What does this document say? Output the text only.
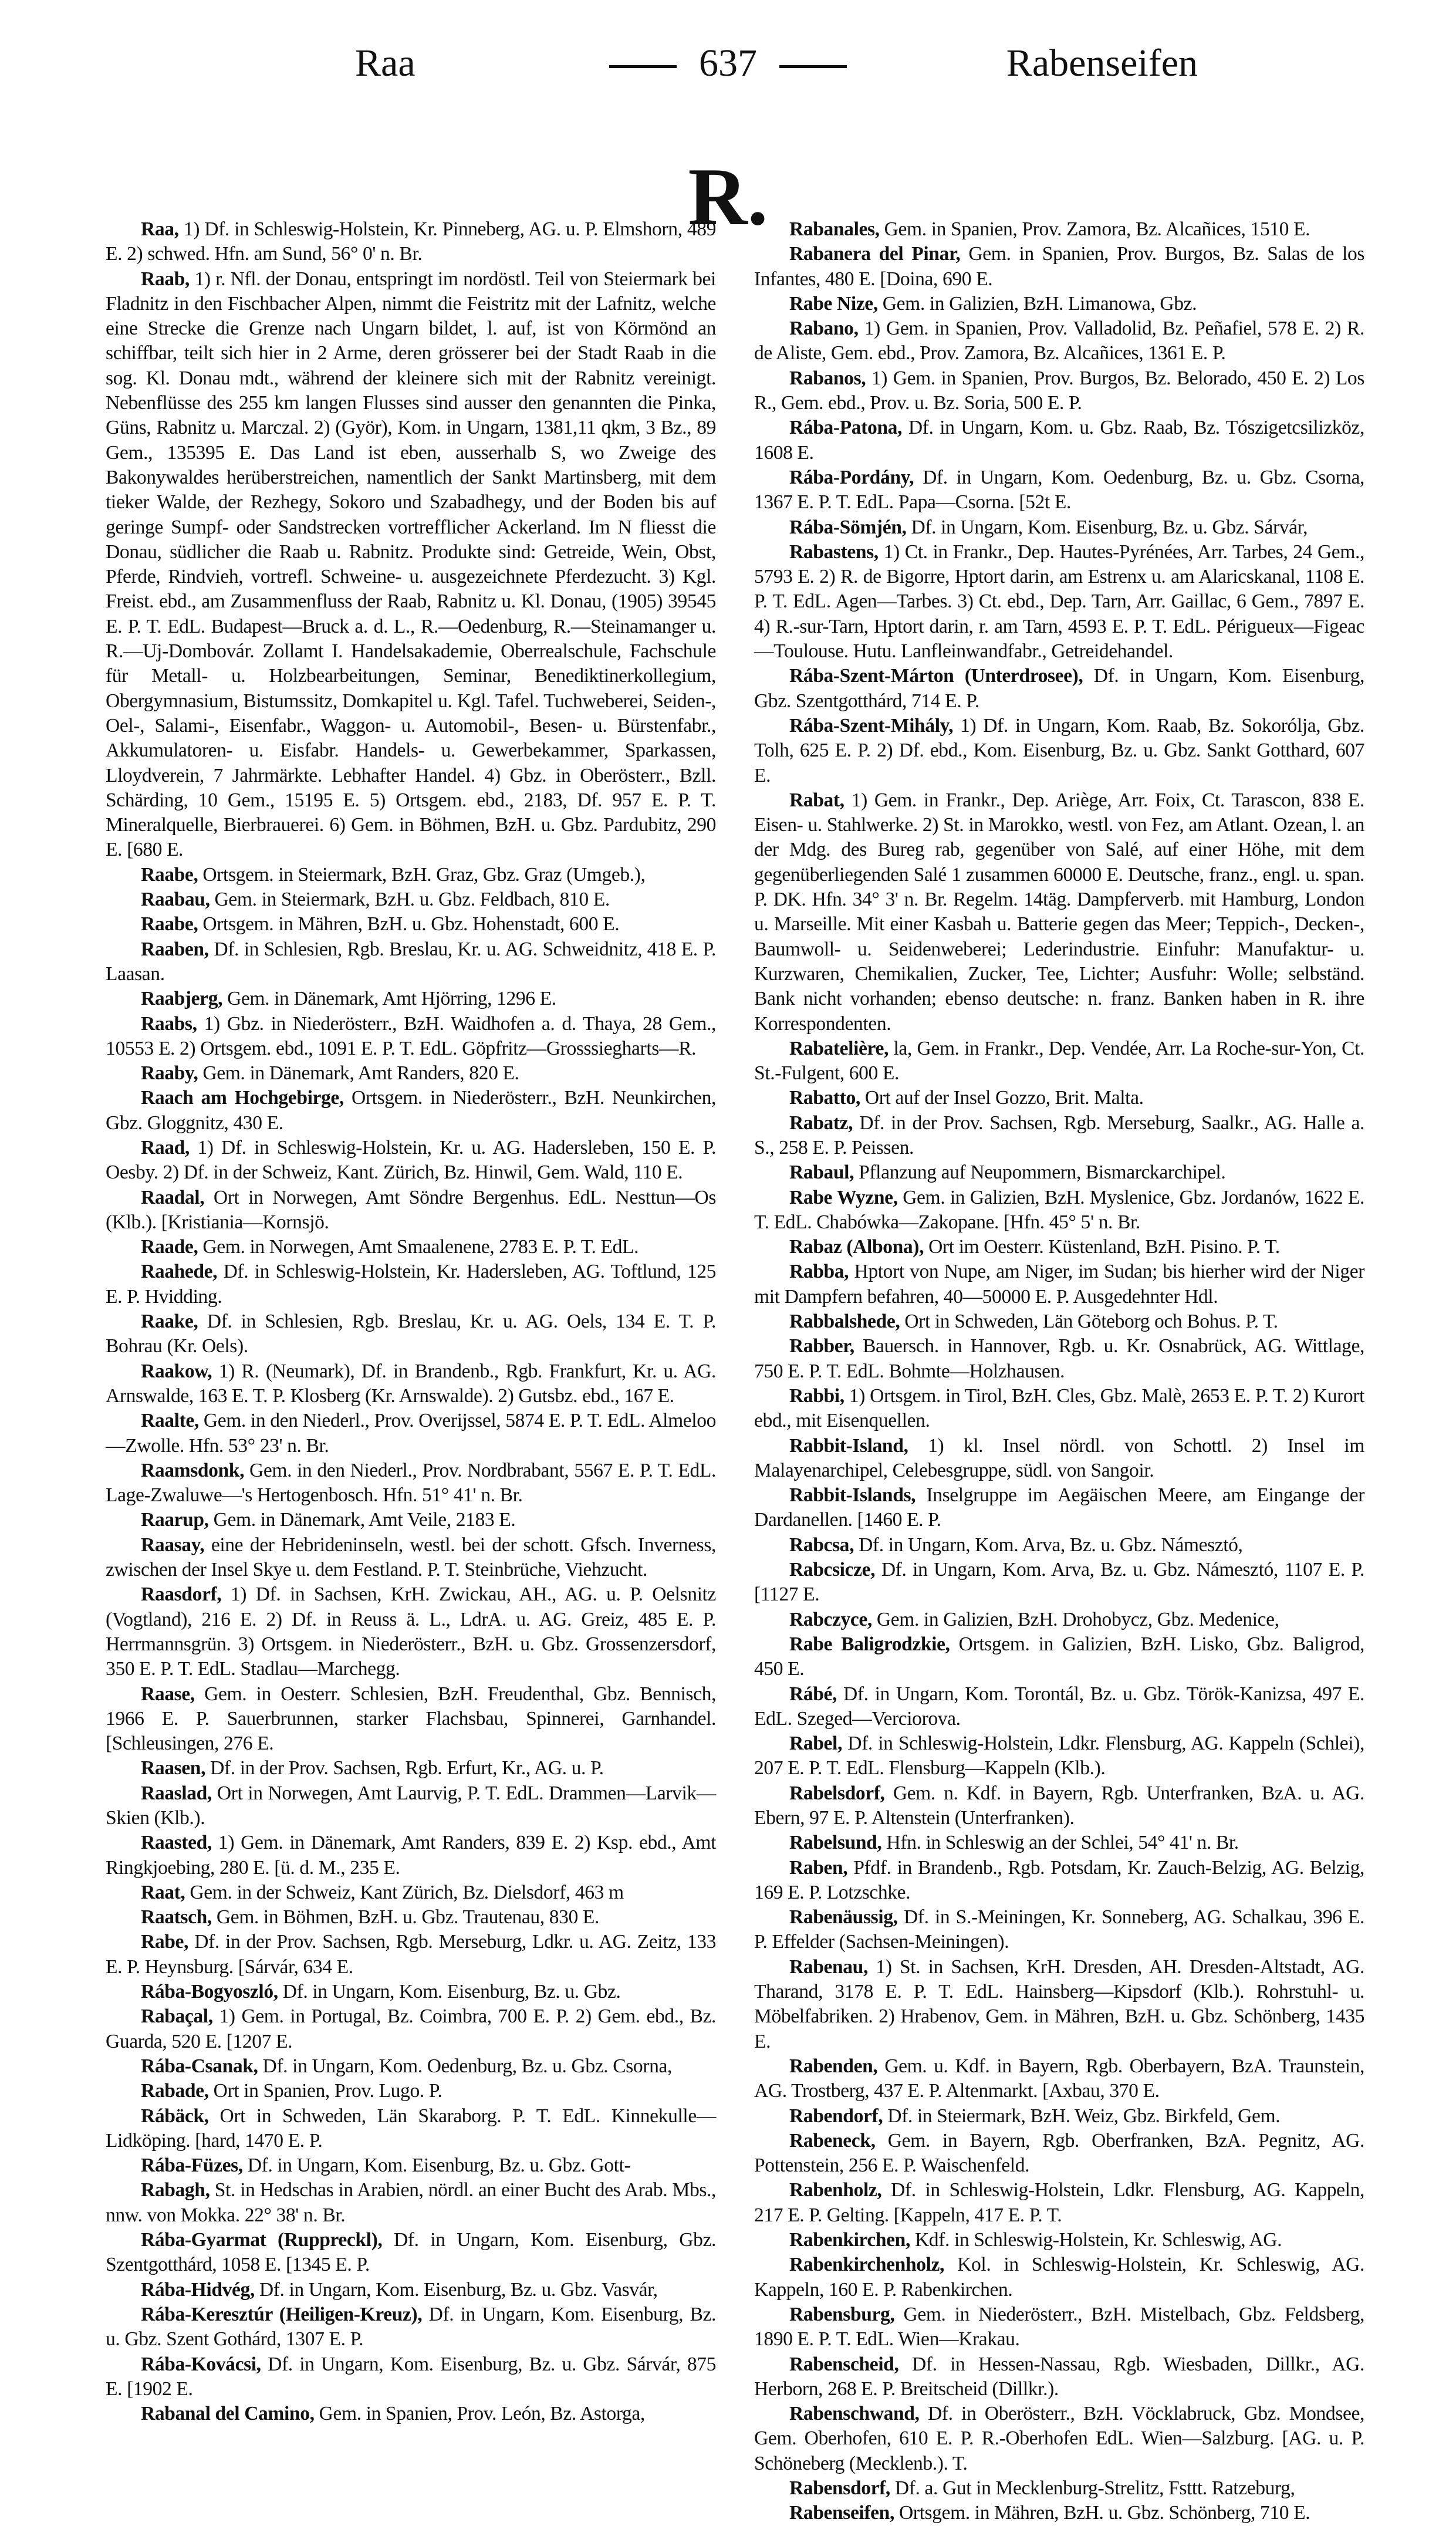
Raa	637	Rabenseifen
R.

Raa, 1) Df. in Schleswig-Holstein, Kr. Pinneberg, AG. u. P. Elmshorn, 489 E. 2) schwed. Hfn. am Sund, 56° 0' n. Br.

Raab, 1) r. Nfl. der Donau, entspringt im nordöstl. Teil von Steiermark bei Fladnitz in den Fischbacher Alpen, nimmt die Feistritz mit der Lafnitz, welche eine Strecke die Grenze nach Ungarn bildet, l. auf, ist von Körmönd an schiffbar, teilt sich hier in 2 Arme, deren grösserer bei der Stadt Raab in die sog. Kl. Donau mdt., während der kleinere sich mit der Rabnitz vereinigt. Nebenflüsse des 255 km langen Flusses sind ausser den genannten die Pinka, Güns, Rabnitz u. Marczal. 2) (Györ), Kom. in Ungarn, 1381,11 qkm, 3 Bz., 89 Gem., 135395 E. Das Land ist eben, ausserhalb S, wo Zweige des Bakonywaldes herüberstreichen, namentlich der Sankt Martinsberg, mit dem tieker Walde, der Rezhegy, Sokoro und Szabadhegy, und der Boden bis auf geringe Sumpf- oder Sandstrecken vortrefflicher Ackerland. Im N fliesst die Donau, südlicher die Raab u. Rabnitz. Produkte sind: Getreide, Wein, Obst, Pferde, Rindvieh, vortrefl. Schweine- u. ausgezeichnete Pferdezucht. 3) Kgl. Freist. ebd., am Zusammenfluss der Raab, Rabnitz u. Kl. Donau, (1905) 39545 E. P. T. EdL. Budapest—Bruck a. d. L., R.—Oedenburg, R.—Steinamanger u. R.—Uj-Dombovár. Zollamt I. Handelsakademie, Oberrealschule, Fachschule für Metall- u. Holzbearbeitungen, Seminar, Benediktinerkollegium, Obergymnasium, Bistumssitz, Domkapitel u. Kgl. Tafel. Tuchweberei, Seiden-, Oel-, Salami-, Eisenfabr., Waggon- u. Automobil-, Besen- u. Bürstenfabr., Akkumulatoren- u. Eisfabr. Handels- u. Gewerbekammer, Sparkassen, Lloydverein, 7 Jahrmärkte. Lebhafter Handel. 4) Gbz. in Oberösterr., Bzll. Schärding, 10 Gem., 15195 E. 5) Ortsgem. ebd., 2183, Df. 957 E. P. T. Mineralquelle, Bierbrauerei. 6) Gem. in Böhmen, BzH. u. Gbz. Pardubitz, 290 E. [680 E.

Raabe, Ortsgem. in Steiermark, BzH. Graz, Gbz. Graz (Umgeb.),

Raabau, Gem. in Steiermark, BzH. u. Gbz. Feldbach, 810 E.

Raabe, Ortsgem. in Mähren, BzH. u. Gbz. Hohenstadt, 600 E.

Raaben, Df. in Schlesien, Rgb. Breslau, Kr. u. AG. Schweidnitz, 418 E. P. Laasan.

Raabjerg, Gem. in Dänemark, Amt Hjörring, 1296 E.

Raabs, 1) Gbz. in Niederösterr., BzH. Waidhofen a. d. Thaya, 28 Gem., 10553 E. 2) Ortsgem. ebd., 1091 E. P. T. EdL. Göpfritz—Grosssiegharts—R.

Raaby, Gem. in Dänemark, Amt Randers, 820 E.

Raach am Hochgebirge, Ortsgem. in Niederösterr., BzH. Neunkirchen, Gbz. Gloggnitz, 430 E.

Raad, 1) Df. in Schleswig-Holstein, Kr. u. AG. Hadersleben, 150 E. P. Oesby. 2) Df. in der Schweiz, Kant. Zürich, Bz. Hinwil, Gem. Wald, 110 E.

Raadal, Ort in Norwegen, Amt Söndre Bergenhus. EdL. Nesttun—Os (Klb.). [Kristiania—Kornsjö.

Raade, Gem. in Norwegen, Amt Smaalenene, 2783 E. P. T. EdL.

Raahede, Df. in Schleswig-Holstein, Kr. Hadersleben, AG. Toftlund, 125 E. P. Hvidding.

Raake, Df. in Schlesien, Rgb. Breslau, Kr. u. AG. Oels, 134 E. T. P. Bohrau (Kr. Oels).

Raakow, 1) R. (Neumark), Df. in Brandenb., Rgb. Frankfurt, Kr. u. AG. Arnswalde, 163 E. T. P. Klosberg (Kr. Arnswalde). 2) Gutsbz. ebd., 167 E.

Raalte, Gem. in den Niederl., Prov. Overijssel, 5874 E. P. T. EdL. Almeloo—Zwolle. Hfn. 53° 23' n. Br.

Raamsdonk, Gem. in den Niederl., Prov. Nordbrabant, 5567 E. P. T. EdL. Lage-Zwaluwe—'s Hertogenbosch. Hfn. 51° 41' n. Br.

Raarup, Gem. in Dänemark, Amt Veile, 2183 E.

Raasay, eine der Hebrideninseln, westl. bei der schott. Gfsch. Inverness, zwischen der Insel Skye u. dem Festland. P. T. Steinbrüche, Viehzucht.

Raasdorf, 1) Df. in Sachsen, KrH. Zwickau, AH., AG. u. P. Oelsnitz (Vogtland), 216 E. 2) Df. in Reuss ä. L., LdrA. u. AG. Greiz, 485 E. P. Herrmannsgrün. 3) Ortsgem. in Niederösterr., BzH. u. Gbz. Grossenzersdorf, 350 E. P. T. EdL. Stadlau—Marchegg.

Raase, Gem. in Oesterr. Schlesien, BzH. Freudenthal, Gbz. Bennisch, 1966 E. P. Sauerbrunnen, starker Flachsbau, Spinnerei, Garnhandel. [Schleusingen, 276 E.

Raasen, Df. in der Prov. Sachsen, Rgb. Erfurt, Kr., AG. u. P.

Raaslad, Ort in Norwegen, Amt Laurvig, P. T. EdL. Drammen—Larvik—Skien (Klb.).

Raasted, 1) Gem. in Dänemark, Amt Randers, 839 E. 2) Ksp. ebd., Amt Ringkjoebing, 280 E. [ü. d. M., 235 E.

Raat, Gem. in der Schweiz, Kant Zürich, Bz. Dielsdorf, 463 m

Raatsch, Gem. in Böhmen, BzH. u. Gbz. Trautenau, 830 E.

Rabe, Df. in der Prov. Sachsen, Rgb. Merseburg, Ldkr. u. AG. Zeitz, 133 E. P. Heynsburg. [Sárvár, 634 E.

Rába-Bogyoszló, Df. in Ungarn, Kom. Eisenburg, Bz. u. Gbz.

Rabaçal, 1) Gem. in Portugal, Bz. Coimbra, 700 E. P. 2) Gem. ebd., Bz. Guarda, 520 E. [1207 E.

Rába-Csanak, Df. in Ungarn, Kom. Oedenburg, Bz. u. Gbz. Csorna,

Rabade, Ort in Spanien, Prov. Lugo. P.

Rábäck, Ort in Schweden, Län Skaraborg. P. T. EdL. Kinnekulle—Lidköping. [hard, 1470 E. P.

Rába-Füzes, Df. in Ungarn, Kom. Eisenburg, Bz. u. Gbz. Gott-

Rabagh, St. in Hedschas in Arabien, nördl. an einer Bucht des Arab. Mbs., nnw. von Mokka. 22° 38' n. Br.

Rába-Gyarmat (Ruppreckl), Df. in Ungarn, Kom. Eisenburg, Gbz. Szentgotthárd, 1058 E. [1345 E. P.

Rába-Hidvég, Df. in Ungarn, Kom. Eisenburg, Bz. u. Gbz. Vasvár,

Rába-Keresztúr (Heiligen-Kreuz), Df. in Ungarn, Kom. Eisenburg, Bz. u. Gbz. Szent Gothárd, 1307 E. P.

Rába-Kovácsi, Df. in Ungarn, Kom. Eisenburg, Bz. u. Gbz. Sárvár, 875 E. [1902 E.

Rabanal del Camino, Gem. in Spanien, Prov. León, Bz. Astorga,

Rabanales, Gem. in Spanien, Prov. Zamora, Bz. Alcañices, 1510 E.

Rabanera del Pinar, Gem. in Spanien, Prov. Burgos, Bz. Salas de los Infantes, 480 E. [Doina, 690 E.

Rabe Nize, Gem. in Galizien, BzH. Limanowa, Gbz.

Rabano, 1) Gem. in Spanien, Prov. Valladolid, Bz. Peñafiel, 578 E. 2) R. de Aliste, Gem. ebd., Prov. Zamora, Bz. Alcañices, 1361 E. P.

Rabanos, 1) Gem. in Spanien, Prov. Burgos, Bz. Belorado, 450 E. 2) Los R., Gem. ebd., Prov. u. Bz. Soria, 500 E. P.

Rába-Patona, Df. in Ungarn, Kom. u. Gbz. Raab, Bz. Tószigetcsilizköz, 1608 E.

Rába-Pordány, Df. in Ungarn, Kom. Oedenburg, Bz. u. Gbz. Csorna, 1367 E. P. T. EdL. Papa—Csorna. [52t E.

Rába-Sömjén, Df. in Ungarn, Kom. Eisenburg, Bz. u. Gbz. Sárvár,

Rabastens, 1) Ct. in Frankr., Dep. Hautes-Pyrénées, Arr. Tarbes, 24 Gem., 5793 E. 2) R. de Bigorre, Hptort darin, am Estrenx u. am Alaricskanal, 1108 E. P. T. EdL. Agen—Tarbes. 3) Ct. ebd., Dep. Tarn, Arr. Gaillac, 6 Gem., 7897 E. 4) R.-sur-Tarn, Hptort darin, r. am Tarn, 4593 E. P. T. EdL. Périgueux—Figeac—Toulouse. Hutu. Lanfleinwandfabr., Getreidehandel.

Rába-Szent-Márton (Unterdrosee), Df. in Ungarn, Kom. Eisenburg, Gbz. Szentgotthárd, 714 E. P.

Rába-Szent-Mihály, 1) Df. in Ungarn, Kom. Raab, Bz. Sokorólja, Gbz. Tolh, 625 E. P. 2) Df. ebd., Kom. Eisenburg, Bz. u. Gbz. Sankt Gotthard, 607 E.

Rabat, 1) Gem. in Frankr., Dep. Ariège, Arr. Foix, Ct. Tarascon, 838 E. Eisen- u. Stahlwerke. 2) St. in Marokko, westl. von Fez, am Atlant. Ozean, l. an der Mdg. des Bureg rab, gegenüber von Salé, auf einer Höhe, mit dem gegenüberliegenden Salé 1 zusammen 60000 E. Deutsche, franz., engl. u. span. P. DK. Hfn. 34° 3' n. Br. Regelm. 14täg. Dampferverb. mit Hamburg, London u. Marseille. Mit einer Kasbah u. Batterie gegen das Meer; Teppich-, Decken-, Baumwoll- u. Seidenweberei; Lederindustrie. Einfuhr: Manufaktur- u. Kurzwaren, Chemikalien, Zucker, Tee, Lichter; Ausfuhr: Wolle; selbständ. Bank nicht vorhanden; ebenso deutsche: n. franz. Banken haben in R. ihre Korrespondenten.

Rabatelière, la, Gem. in Frankr., Dep. Vendée, Arr. La Roche-sur-Yon, Ct. St.-Fulgent, 600 E.

Rabatto, Ort auf der Insel Gozzo, Brit. Malta.

Rabatz, Df. in der Prov. Sachsen, Rgb. Merseburg, Saalkr., AG. Halle a. S., 258 E. P. Peissen.

Rabaul, Pflanzung auf Neupommern, Bismarckarchipel.

Rabe Wyzne, Gem. in Galizien, BzH. Myslenice, Gbz. Jordanów, 1622 E. T. EdL. Chabówka—Zakopane. [Hfn. 45° 5' n. Br.

Rabaz (Albona), Ort im Oesterr. Küstenland, BzH. Pisino. P. T.

Rabba, Hptort von Nupe, am Niger, im Sudan; bis hierher wird der Niger mit Dampfern befahren, 40—50000 E. P. Ausgedehnter Hdl.

Rabbalshede, Ort in Schweden, Län Göteborg och Bohus. P. T.

Rabber, Bauersch. in Hannover, Rgb. u. Kr. Osnabrück, AG. Wittlage, 750 E. P. T. EdL. Bohmte—Holzhausen.

Rabbi, 1) Ortsgem. in Tirol, BzH. Cles, Gbz. Malè, 2653 E. P. T. 2) Kurort ebd., mit Eisenquellen.

Rabbit-Island, 1) kl. Insel nördl. von Schottl. 2) Insel im Malayenarchipel, Celebesgruppe, südl. von Sangoir.

Rabbit-Islands, Inselgruppe im Aegäischen Meere, am Eingange der Dardanellen. [1460 E. P.

Rabcsa, Df. in Ungarn, Kom. Arva, Bz. u. Gbz. Námesztó,

Rabcsicze, Df. in Ungarn, Kom. Arva, Bz. u. Gbz. Námesztó, 1107 E. P. [1127 E.

Rabczyce, Gem. in Galizien, BzH. Drohobycz, Gbz. Medenice,

Rabe Baligrodzkie, Ortsgem. in Galizien, BzH. Lisko, Gbz. Baligrod, 450 E.

Rábé, Df. in Ungarn, Kom. Torontál, Bz. u. Gbz. Török-Kanizsa, 497 E. EdL. Szeged—Verciorova.

Rabel, Df. in Schleswig-Holstein, Ldkr. Flensburg, AG. Kappeln (Schlei), 207 E. P. T. EdL. Flensburg—Kappeln (Klb.).

Rabelsdorf, Gem. n. Kdf. in Bayern, Rgb. Unterfranken, BzA. u. AG. Ebern, 97 E. P. Altenstein (Unterfranken).

Rabelsund, Hfn. in Schleswig an der Schlei, 54° 41' n. Br.

Raben, Pfdf. in Brandenb., Rgb. Potsdam, Kr. Zauch-Belzig, AG. Belzig, 169 E. P. Lotzschke.

Rabenäussig, Df. in S.-Meiningen, Kr. Sonneberg, AG. Schalkau, 396 E. P. Effelder (Sachsen-Meiningen).

Rabenau, 1) St. in Sachsen, KrH. Dresden, AH. Dresden-Altstadt, AG. Tharand, 3178 E. P. T. EdL. Hainsberg—Kipsdorf (Klb.). Rohrstuhl- u. Möbelfabriken. 2) Hrabenov, Gem. in Mähren, BzH. u. Gbz. Schönberg, 1435 E.

Rabenden, Gem. u. Kdf. in Bayern, Rgb. Oberbayern, BzA. Traunstein, AG. Trostberg, 437 E. P. Altenmarkt. [Axbau, 370 E.

Rabendorf, Df. in Steiermark, BzH. Weiz, Gbz. Birkfeld, Gem.

Rabeneck, Gem. in Bayern, Rgb. Oberfranken, BzA. Pegnitz, AG. Pottenstein, 256 E. P. Waischenfeld.

Rabenholz, Df. in Schleswig-Holstein, Ldkr. Flensburg, AG. Kappeln, 217 E. P. Gelting. [Kappeln, 417 E. P. T.

Rabenkirchen, Kdf. in Schleswig-Holstein, Kr. Schleswig, AG.

Rabenkirchenholz, Kol. in Schleswig-Holstein, Kr. Schleswig, AG. Kappeln, 160 E. P. Rabenkirchen.

Rabensburg, Gem. in Niederösterr., BzH. Mistelbach, Gbz. Feldsberg, 1890 E. P. T. EdL. Wien—Krakau.

Rabenscheid, Df. in Hessen-Nassau, Rgb. Wiesbaden, Dillkr., AG. Herborn, 268 E. P. Breitscheid (Dillkr.).

Rabenschwand, Df. in Oberösterr., BzH. Vöcklabruck, Gbz. Mondsee, Gem. Oberhofen, 610 E. P. R.-Oberhofen EdL. Wien—Salzburg. [AG. u. P. Schöneberg (Mecklenb.). T.

Rabensdorf, Df. a. Gut in Mecklenburg-Strelitz, Fsttt. Ratzeburg,

Rabenseifen, Ortsgem. in Mähren, BzH. u. Gbz. Schönberg, 710 E.
